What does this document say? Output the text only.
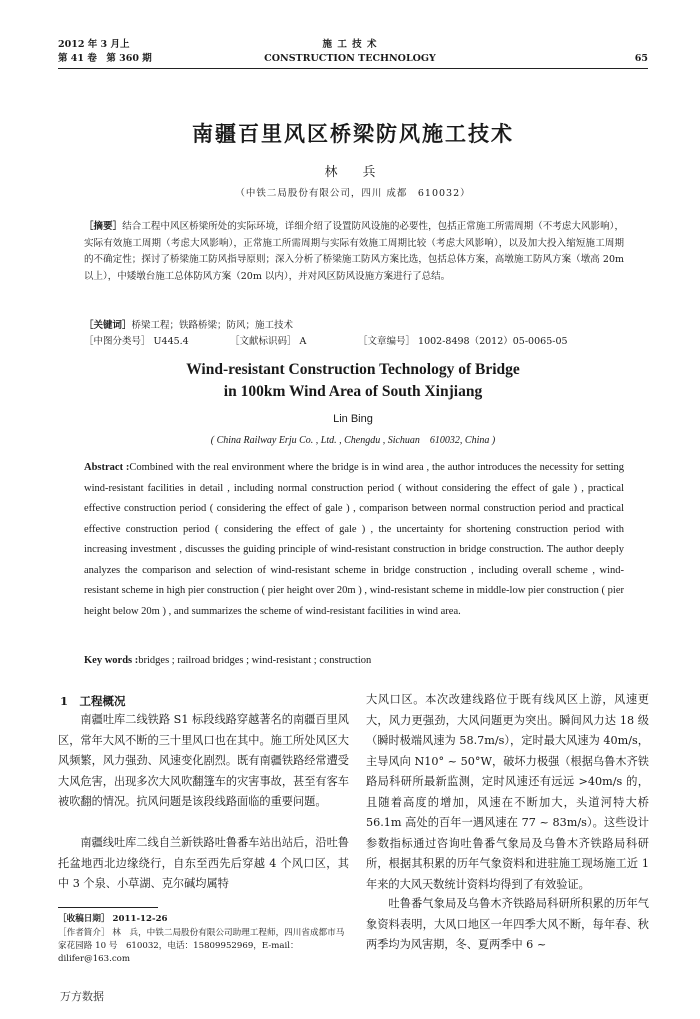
2012 年 3 月上
第 41 卷　第 360 期
施 工 技 术
CONSTRUCTION TECHNOLOGY	65
南疆百里风区桥梁防风施工技术
林　兵
（中铁二局股份有限公司，四川 成都　610032）
［摘要］结合工程中风区桥梁所处的实际环境，详细介绍了设置防风设施的必要性，包括正常施工所需周期（不考虑大风影响），实际有效施工周期（考虑大风影响），正常施工所需周期与实际有效施工周期比较（考虑大风影响），以及加大投入缩短施工周期的不确定性；探讨了桥梁施工防风指导原则；深入分析了桥梁施工防风方案比选，包括总体方案，高墩施工防风方案（墩高 20m 以上），中矮墩台施工总体防风方案（20m 以内），并对风区防风设施方案进行了总结。
［关键词］桥梁工程；铁路桥梁；防风；施工技术
［中图分类号］ U445.4	［文献标识码］ A	［文章编号］ 1002-8498（2012）05-0065-05
Wind-resistant Construction Technology of Bridge
in 100km Wind Area of South Xinjiang
Lin Bing
( China Railway Erju Co. , Ltd. , Chengdu , Sichuan　610032, China )
Abstract :Combined with the real environment where the bridge is in wind area , the author introduces the necessity for setting wind-resistant facilities in detail , including normal construction period ( without considering the effect of gale ) , practical effective construction period ( considering the effect of gale ) , comparison between normal construction period and practical effective construction period ( considering the effect of gale ) , the uncertainty for shortening construction period with increasing investment , discusses the guiding principle of wind-resistant construction in bridge construction. The author deeply analyzes the comparison and selection of wind-resistant scheme in bridge construction , including overall scheme , wind-resistant scheme in high pier construction ( pier height over 20m ) , wind-resistant scheme in middle-low pier construction ( pier height below 20m ) , and summarizes the scheme of wind-resistant facilities in wind area.
Key words :bridges ; railroad bridges ; wind-resistant ; construction
1　工程概况
南疆吐库二线铁路 S1 标段线路穿越著名的南疆百里风区，常年大风不断的三十里风口也在其中。施工所处风区大风频繁，风力强劲、风速变化剧烈。既有南疆铁路经常遭受大风危害，出现多次大风吹翻篷车的灾害事故，甚至有客车被吹翻的情况。抗风问题是该段线路面临的重要问题。
南疆线吐库二线自兰新铁路吐鲁番车站出站后，沿吐鲁托盆地西北边缘绕行，自东至西先后穿越 4 个风口区，其中 3 个泉、小草湖、克尔碱均属特
［收稿日期］ 2011-12-26
［作者简介］ 林　兵，中铁二局股份有限公司助理工程师，四川省成都市马家花园路 10 号　610032，电话：15809952969，E-mail：dilifer@163.com
大风口区。本次改建线路位于既有线风区上游，风速更大，风力更强劲，大风问题更为突出。瞬间风力达 18 级（瞬时极端风速为 58.7m/s），定时最大风速为 40m/s，主导风向 N10° ~ 50°W，破坏力极强（根据乌鲁木齐铁路局科研所最新监测，定时风速还有远远 >40m/s 的，且随着高度的增加，风速在不断加大，头道河特大桥 56.1m 高处的百年一遇风速在 77 ~ 83m/s）。这些设计参数指标通过咨询吐鲁番气象局及乌鲁木齐铁路局科研所，根据其积累的历年气象资料和进驻施工现场施工近 1 年来的大风天数统计资料均得到了有效验证。
吐鲁番气象局及乌鲁木齐铁路局科研所积累的历年气象资料表明，大风口地区一年四季大风不断，每年春、秋两季均为风害期，冬、夏两季中 6 ~
万方数据
